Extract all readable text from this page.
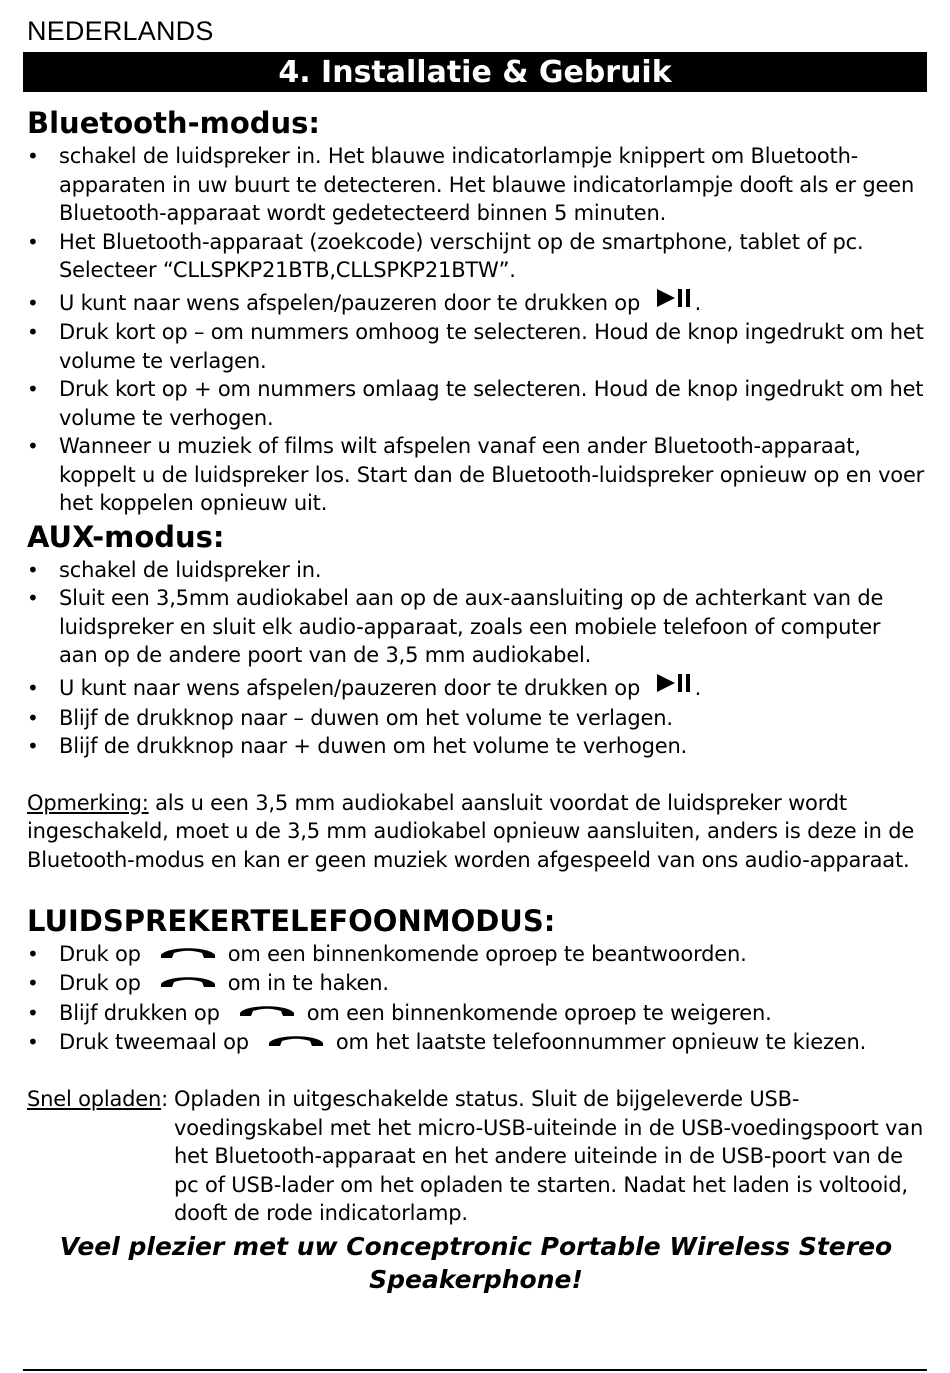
NEDERLANDS
4. Installatie & Gebruik
Bluetooth-modus:
• schakel de luidspreker in. Het blauwe indicatorlampje knippert om Bluetooth-apparaten in uw buurt te detecteren. Het blauwe indicatorlampje dooft als er geen Bluetooth-apparaat wordt gedetecteerd binnen 5 minuten.
• Het Bluetooth-apparaat (zoekcode) verschijnt op de smartphone, tablet of pc. Selecteer “CLLSPKP21BTB,CLLSPKP21BTW”.
• U kunt naar wens afspelen/pauzeren door te drukken op	.
• Druk kort op – om nummers omhoog te selecteren. Houd de knop ingedrukt om het volume te verlagen.
• Druk kort op + om nummers omlaag te selecteren. Houd de knop ingedrukt om het volume te verhogen.
• Wanneer u muziek of films wilt afspelen vanaf een ander Bluetooth-apparaat, koppelt u de luidspreker los. Start dan de Bluetooth-luidspreker opnieuw op en voer het koppelen opnieuw uit.
AUX-modus:
• schakel de luidspreker in.
• Sluit een 3,5mm audiokabel aan op de aux-aansluiting op de achterkant van de luidspreker en sluit elk audio-apparaat, zoals een mobiele telefoon of computer aan op de andere poort van de 3,5 mm audiokabel.
• U kunt naar wens afspelen/pauzeren door te drukken op	.
• Blijf de drukknop naar – duwen om het volume te verlagen.
• Blijf de drukknop naar + duwen om het volume te verhogen.
Opmerking: als u een 3,5 mm audiokabel aansluit voordat de luidspreker wordt ingeschakeld, moet u de 3,5 mm audiokabel opnieuw aansluiten, anders is deze in de Bluetooth-modus en kan er geen muziek worden afgespeeld van ons audio-apparaat.
LUIDSPREKERTELEFOONMODUS:
• Druk op	om een binnenkomende oproep te beantwoorden.
• Druk op	om in te haken.
• Blijf drukken op	om een binnenkomende oproep te weigeren.
• Druk tweemaal op	om het laatste telefoonnummer opnieuw te kiezen.
Snel opladen: Opladen in uitgeschakelde status. Sluit de bijgeleverde USB-voedingskabel met het micro-USB-uiteinde in de USB-voedingspoort van het Bluetooth-apparaat en het andere uiteinde in de USB-poort van de pc of USB-lader om het opladen te starten. Nadat het laden is voltooid, dooft de rode indicatorlamp.
Veel plezier met uw Conceptronic Portable Wireless Stereo
Speakerphone!
